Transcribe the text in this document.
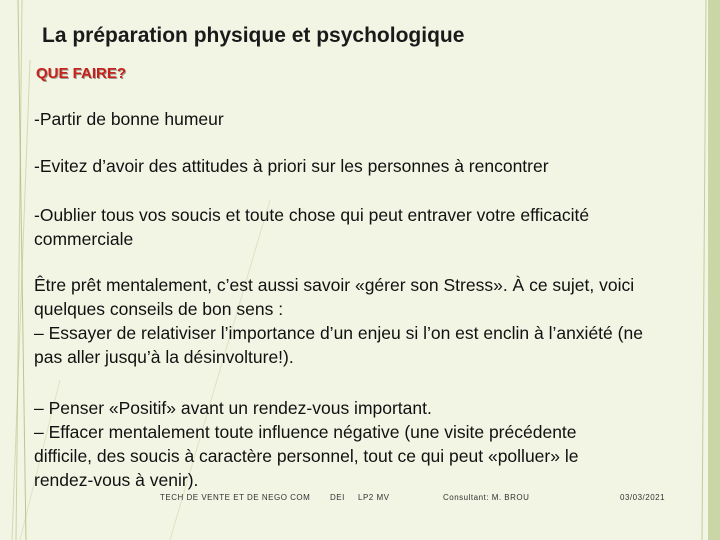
La préparation physique et psychologique
QUE FAIRE?
-Partir de bonne humeur
-Evitez d’avoir des attitudes à priori sur les personnes à rencontrer
-Oublier tous vos soucis et toute chose qui peut entraver votre efficacité commerciale
Être prêt mentalement, c’est aussi savoir «gérer son Stress». À ce sujet, voici quelques conseils de bon sens :
– Essayer de relativiser l’importance d’un enjeu si l’on est enclin à l’anxiété (ne pas aller jusqu’à la désinvolture!).
– Penser «Positif» avant un rendez-vous important.
– Effacer mentalement toute influence négative (une visite précédente difficile, des soucis à caractère personnel, tout ce qui peut «polluer» le rendez-vous à venir).
TECH DE VENTE ET DE NEGO COM DEI LP2 MV	Consultant: M. BROU	03/03/2021
